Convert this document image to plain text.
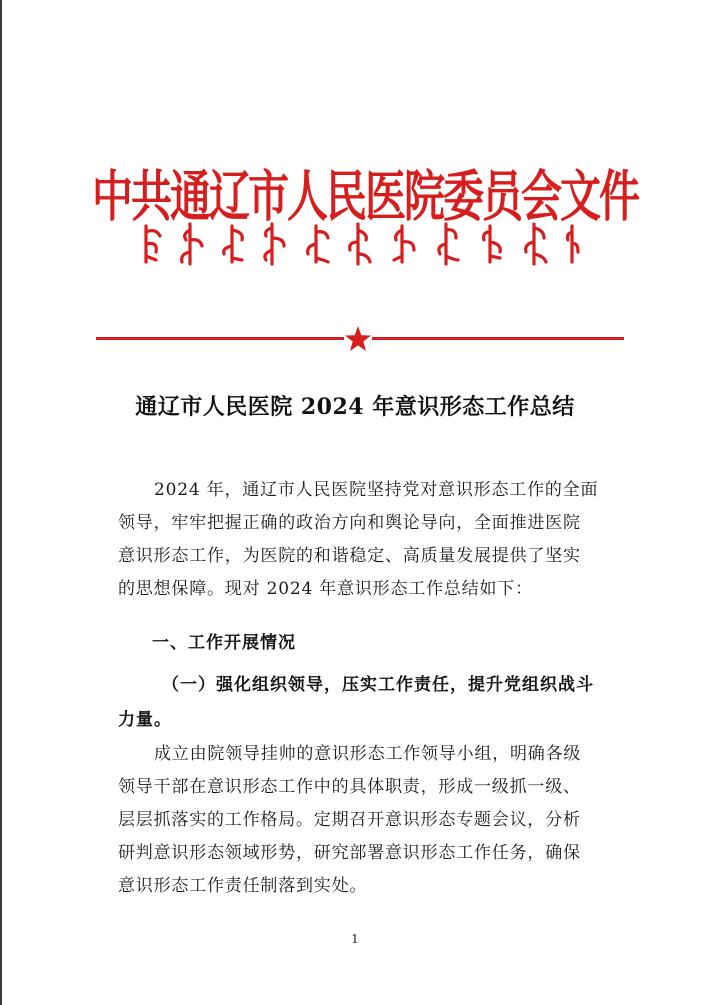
中共通辽市人民医院委员会文件
通辽市人民医院 2024 年意识形态工作总结
2024 年，通辽市人民医院坚持党对意识形态工作的全面
领导，牢牢把握正确的政治方向和舆论导向，全面推进医院
意识形态工作，为医院的和谐稳定、高质量发展提供了坚实
的思想保障。现对 2024 年意识形态工作总结如下：
一、工作开展情况
（一）强化组织领导，压实工作责任，提升党组织战斗
力量。
成立由院领导挂帅的意识形态工作领导小组，明确各级
领导干部在意识形态工作中的具体职责，形成一级抓一级、
层层抓落实的工作格局。定期召开意识形态专题会议，分析
研判意识形态领域形势，研究部署意识形态工作任务，确保
意识形态工作责任制落到实处。
1
